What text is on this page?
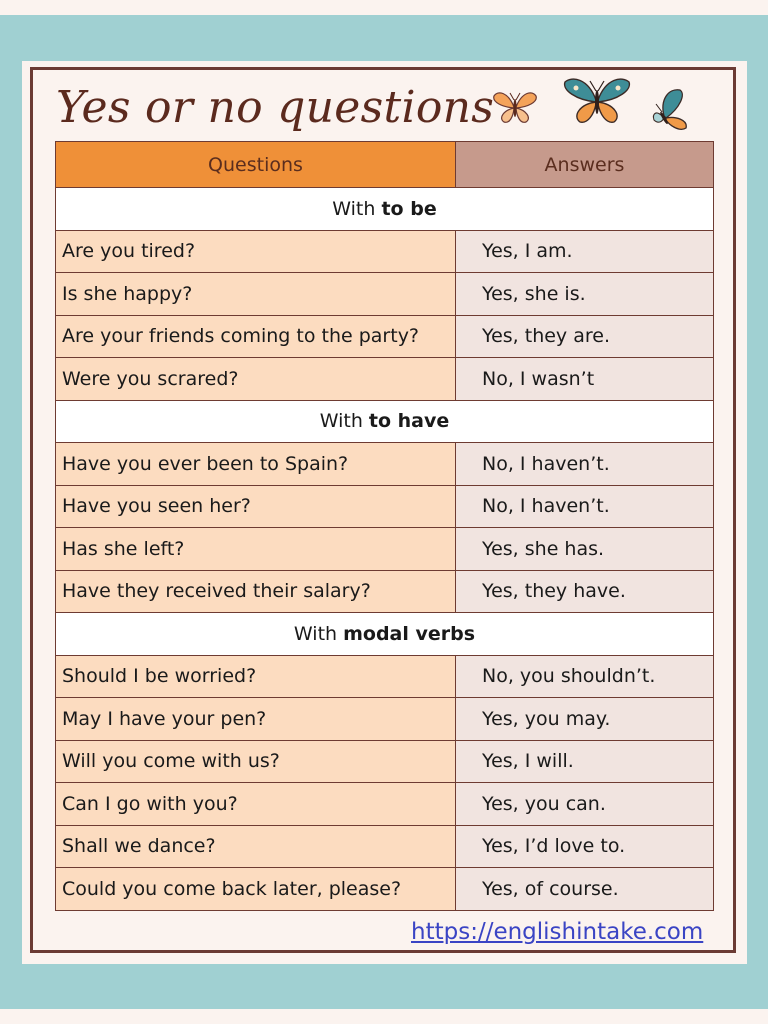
Yes or no questions
Questions	Answers
With to be	
Are you tired?	Yes, I am.
Is she happy?	Yes, she is.
Are your friends coming to the party?	Yes, they are.
Were you scrared?	No, I wasn’t
With to have	
Have you ever been to Spain?	No, I haven’t.
Have you seen her?	No, I haven’t.
Has she left?	Yes, she has.
Have they received their salary?	Yes, they have.
With modal verbs	
Should I be worried?	No, you shouldn’t.
May I have your pen?	Yes, you may.
Will you come with us?	Yes, I will.
Can I go with you?	Yes, you can.
Shall we dance?	Yes, I’d love to.
Could you come back later, please?	Yes, of course.
https://englishintake.com
